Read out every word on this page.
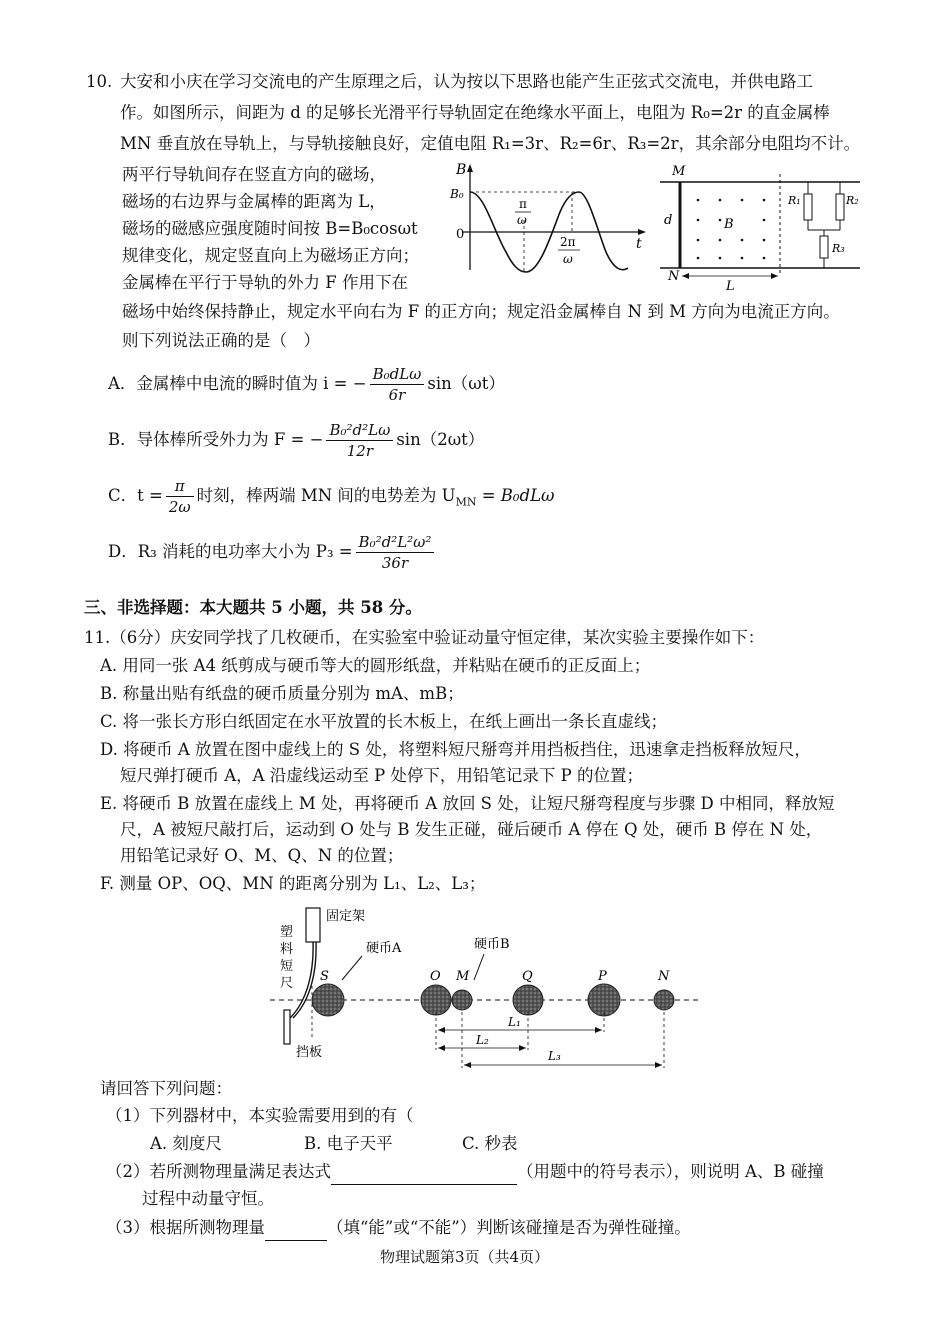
10. 大安和小庆在学习交流电的产生原理之后，认为按以下思路也能产生正弦式交流电，并供电路工
作。如图所示，间距为 d 的足够长光滑平行导轨固定在绝缘水平面上，电阻为 R₀=2r 的直金属棒
MN 垂直放在导轨上，与导轨接触良好，定值电阻 R₁=3r、R₂=6r、R₃=2r，其余部分电阻均不计。
两平行导轨间存在竖直方向的磁场，
磁场的右边界与金属棒的距离为 L，
磁场的磁感应强度随时间按 B=B₀cosωt
规律变化，规定竖直向上为磁场正方向；
金属棒在平行于导轨的外力 F 作用下在
B
B₀
0
t
π
ω
2π
ω
M
N
d	B
L
R₁	R₂
R₃
磁场中始终保持静止，规定水平向右为 F 的正方向；规定沿金属棒自 N 到 M 方向为电流正方向。
则下列说法正确的是（　）
A．金属棒中电流的瞬时值为 i = − $\frac{\text{B₀dLω}}{6r} \sin(\omega t)$
B．导体棒所受外力为 F = − $\frac{\text{B₀²d²Lω}}{12r} \sin(2\omega t)$
C．$t = \frac{\pi}{2\omega}$ 时刻，棒两端 MN 间的电势差为 $U_{MN} = B_0dL\omega$
D．R₃ 消耗的电功率大小为 $P_3 = \frac{\text{B₀²d²L²ω²}}{36r}$
三、非选择题：本大题共 5 小题，共 58 分。
11.（6分）庆安同学找了几枚硬币，在实验室中验证动量守恒定律，某次实验主要操作如下：
A. 用同一张 A4 纸剪成与硬币等大的圆形纸盘，并粘贴在硬币的正反面上；
B. 称量出贴有纸盘的硬币质量分别为 mA、mB；
C. 将一张长方形白纸固定在水平放置的长木板上，在纸上画出一条长直虚线；
D. 将硬币 A 放置在图中虚线上的 S 处，将塑料短尺掰弯并用挡板挡住，迅速拿走挡板释放短尺，
短尺弹打硬币 A，A 沿虚线运动至 P 处停下，用铅笔记录下 P 的位置；
E. 将硬币 B 放置在虚线上 M 处，再将硬币 A 放回 S 处，让短尺掰弯程度与步骤 D 中相同，释放短
尺，A 被短尺敲打后，运动到 O 处与 B 发生正碰，碰后硬币 A 停在 Q 处，硬币 B 停在 N 处，
用铅笔记录好 O、M、Q、N 的位置；
F. 测量 OP、OQ、MN 的距离分别为 L₁、L₂、L₃；
固定架
塑
料
短
尺
挡板
S
硬币A
O M
硬币B
Q	P	N
L₁
L₂
L₃
请回答下列问题：
（1）下列器材中，本实验需要用到的有（
A. 刻度尺	B. 电子天平	C. 秒表
（2）若所测物理量满足表达式	（用题中的符号表示），则说明 A、B 碰撞
过程中动量守恒。
（3）根据所测物理量	（填“能”或“不能”）判断该碰撞是否为弹性碰撞。
物理试题第3页（共4页）
